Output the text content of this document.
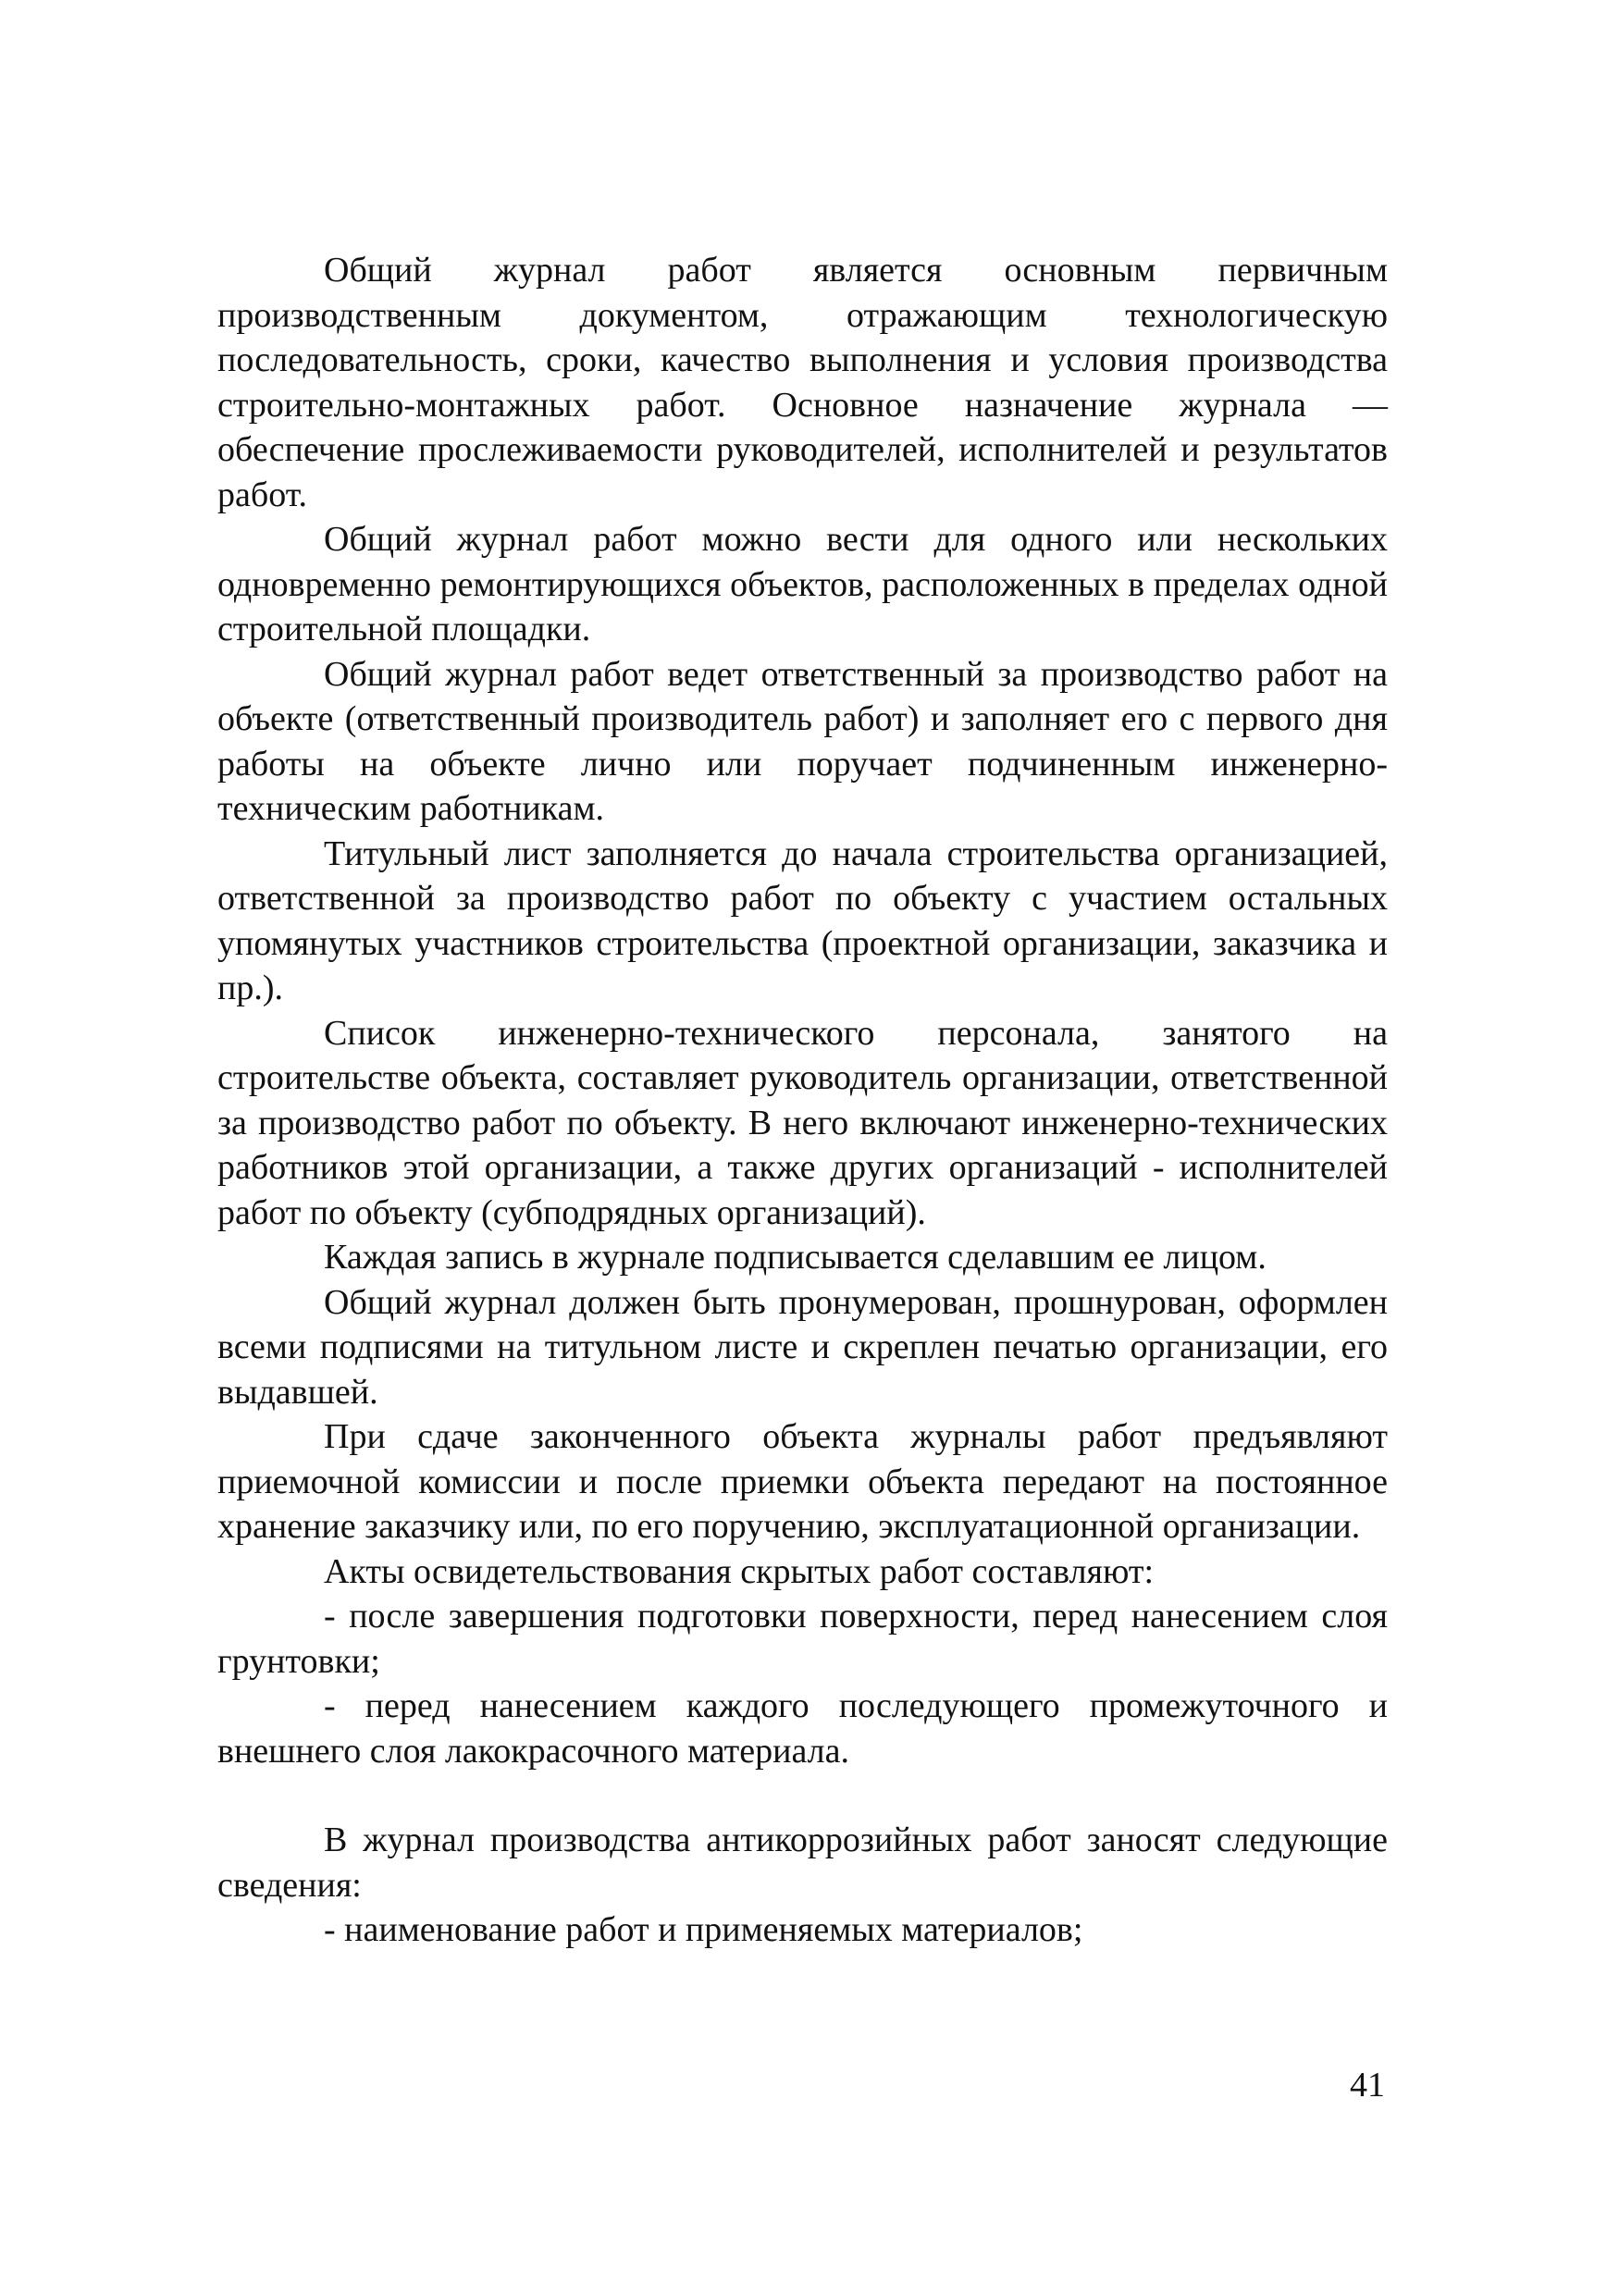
Общий журнал работ является основным первичным производственным документом, отражающим технологическую последовательность, сроки, качество выполнения и условия производства строительно-монтажных работ. Основное назначение журнала — обеспечение прослеживаемости руководителей, исполнителей и результатов работ.

Общий журнал работ можно вести для одного или нескольких одновременно ремонтирующихся объектов, расположенных в пределах одной строительной площадки.

Общий журнал работ ведет ответственный за производство работ на объекте (ответственный производитель работ) и заполняет его с первого дня работы на объекте лично или поручает подчиненным инженерно-техническим работникам.

Титульный лист заполняется до начала строительства организацией, ответственной за производство работ по объекту с участием остальных упомянутых участников строительства (проектной организации, заказчика и пр.).

Список инженерно-технического персонала, занятого на строительстве объекта, составляет руководитель организации, ответственной за производство работ по объекту. В него включают инженерно-технических работников этой организации, а также других организаций - исполнителей работ по объекту (субподрядных организаций).

Каждая запись в журнале подписывается сделавшим ее лицом.

Общий журнал должен быть пронумерован, прошнурован, оформлен всеми подписями на титульном листе и скреплен печатью организации, его выдавшей.

При сдаче законченного объекта журналы работ предъявляют приемочной комиссии и после приемки объекта передают на постоянное хранение заказчику или, по его поручению, эксплуатационной организации.

Акты освидетельствования скрытых работ составляют:

- после завершения подготовки поверхности, перед нанесением слоя грунтовки;

- перед нанесением каждого последующего промежуточного и внешнего слоя лакокрасочного материала.

В журнал производства антикоррозийных работ заносят следующие сведения:

- наименование работ и применяемых материалов;

41
